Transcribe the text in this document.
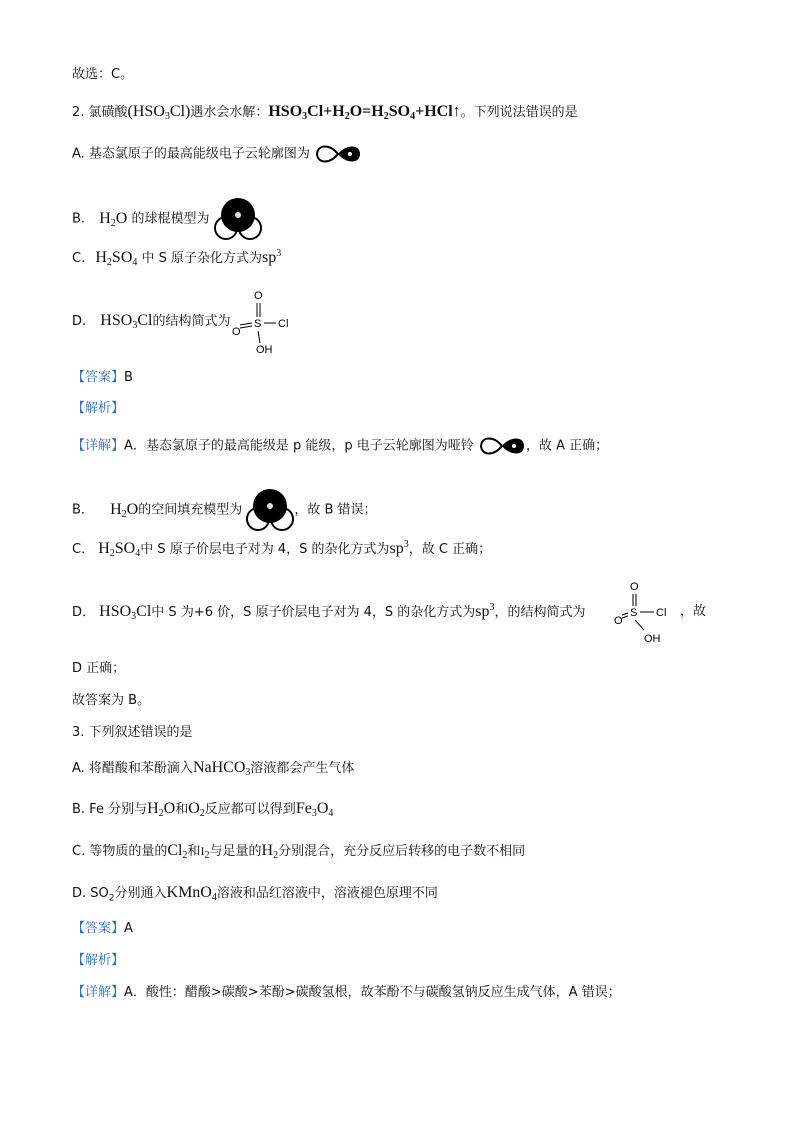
故选：C。
2. 氯磺酸$(HSO_3Cl)$遇水会水解：$HSO_3Cl+H_2O=H_2SO_4+HCl↑$。下列说法错误的是
A. 基态氯原子的最高能级电子云轮廓图为
B. $H_2O$ 的球棍模型为
C. $H_2SO_4$ 中 S 原子杂化方式为$sp^3$
D. $HSO_3Cl$的结构简式为
O
S
O
Cl
OH
【答案】B
【解析】
【详解】A．基态氯原子的最高能级是 p 能级，p 电子云轮廓图为哑铃	，故 A 正确；
B． $H_2O$的空间填充模型为	，故 B 错误；
C． $H_2SO_4$中 S 原子价层电子对为 4，S 的杂化方式为$sp^3$，故 C 正确；
D． $HSO_3Cl$中 S 为+6 价，S 原子价层电子对为 4，S 的杂化方式为$sp^3$，的结构简式为
O
S
O
Cl
OH
，故
D 正确；
故答案为 B。
3. 下列叙述错误的是
A. 将醋酸和苯酚滴入NaHCO$_3$溶液都会产生气体
B. Fe 分别与$H_2O$和$O_2$反应都可以得到$Fe_3O_4$
C. 等物质的量的$Cl_2$和$I_2$与足量的$H_2$分别混合，充分反应后转移的电子数不相同
D. $SO_2$分别通入KMnO$_4$溶液和品红溶液中，溶液褪色原理不同
【答案】A
【解析】
【详解】A．酸性：醋酸>碳酸>苯酚>碳酸氢根，故苯酚不与碳酸氢钠反应生成气体，A 错误；
